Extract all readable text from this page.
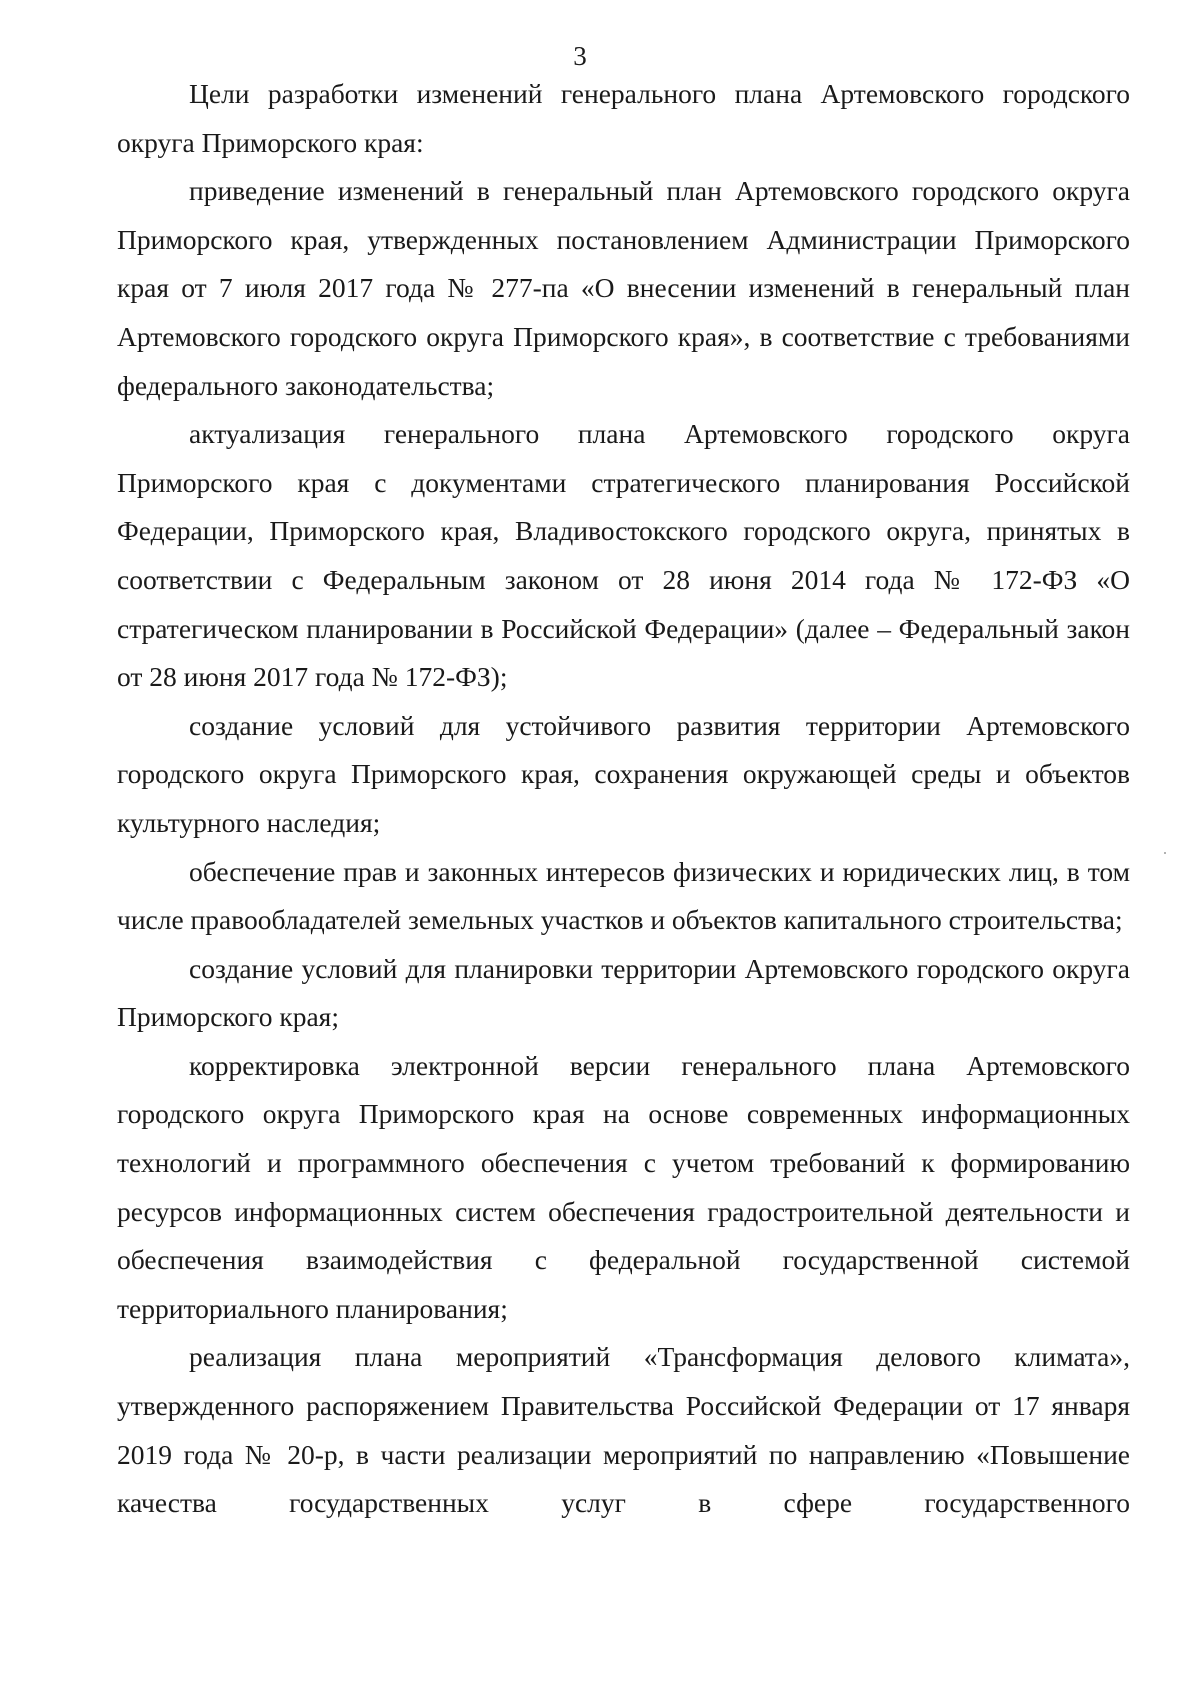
3

Цели разработки изменений генерального плана Артемовского городского округа Приморского края:

приведение изменений в генеральный план Артемовского городского округа Приморского края, утвержденных постановлением Администрации Приморского края от 7 июля 2017 года № 277-па «О внесении изменений в генеральный план Артемовского городского округа Приморского края», в соответствие с требованиями федерального законодательства;

актуализация генерального плана Артемовского городского округа Приморского края с документами стратегического планирования Российской Федерации, Приморского края, Владивостокского городского округа, принятых в соответствии с Федеральным законом от 28 июня 2014 года № 172-ФЗ «О стратегическом планировании в Российской Федерации» (далее – Федеральный закон от 28 июня 2017 года № 172-ФЗ);

создание условий для устойчивого развития территории Артемовского городского округа Приморского края, сохранения окружающей среды и объектов культурного наследия;

обеспечение прав и законных интересов физических и юридических лиц, в том числе правообладателей земельных участков и объектов капитального строительства;

создание условий для планировки территории Артемовского городского округа Приморского края;

корректировка электронной версии генерального плана Артемовского городского округа Приморского края на основе современных информационных технологий и программного обеспечения с учетом требований к формированию ресурсов информационных систем обеспечения градостроительной деятельности и обеспечения взаимодействия с федеральной государственной системой территориального планирования;

реализация плана мероприятий «Трансформация делового климата», утвержденного распоряжением Правительства Российской Федерации от 17 января 2019 года № 20-р, в части реализации мероприятий по направлению «Повышение качества государственных услуг в сфере государственного
